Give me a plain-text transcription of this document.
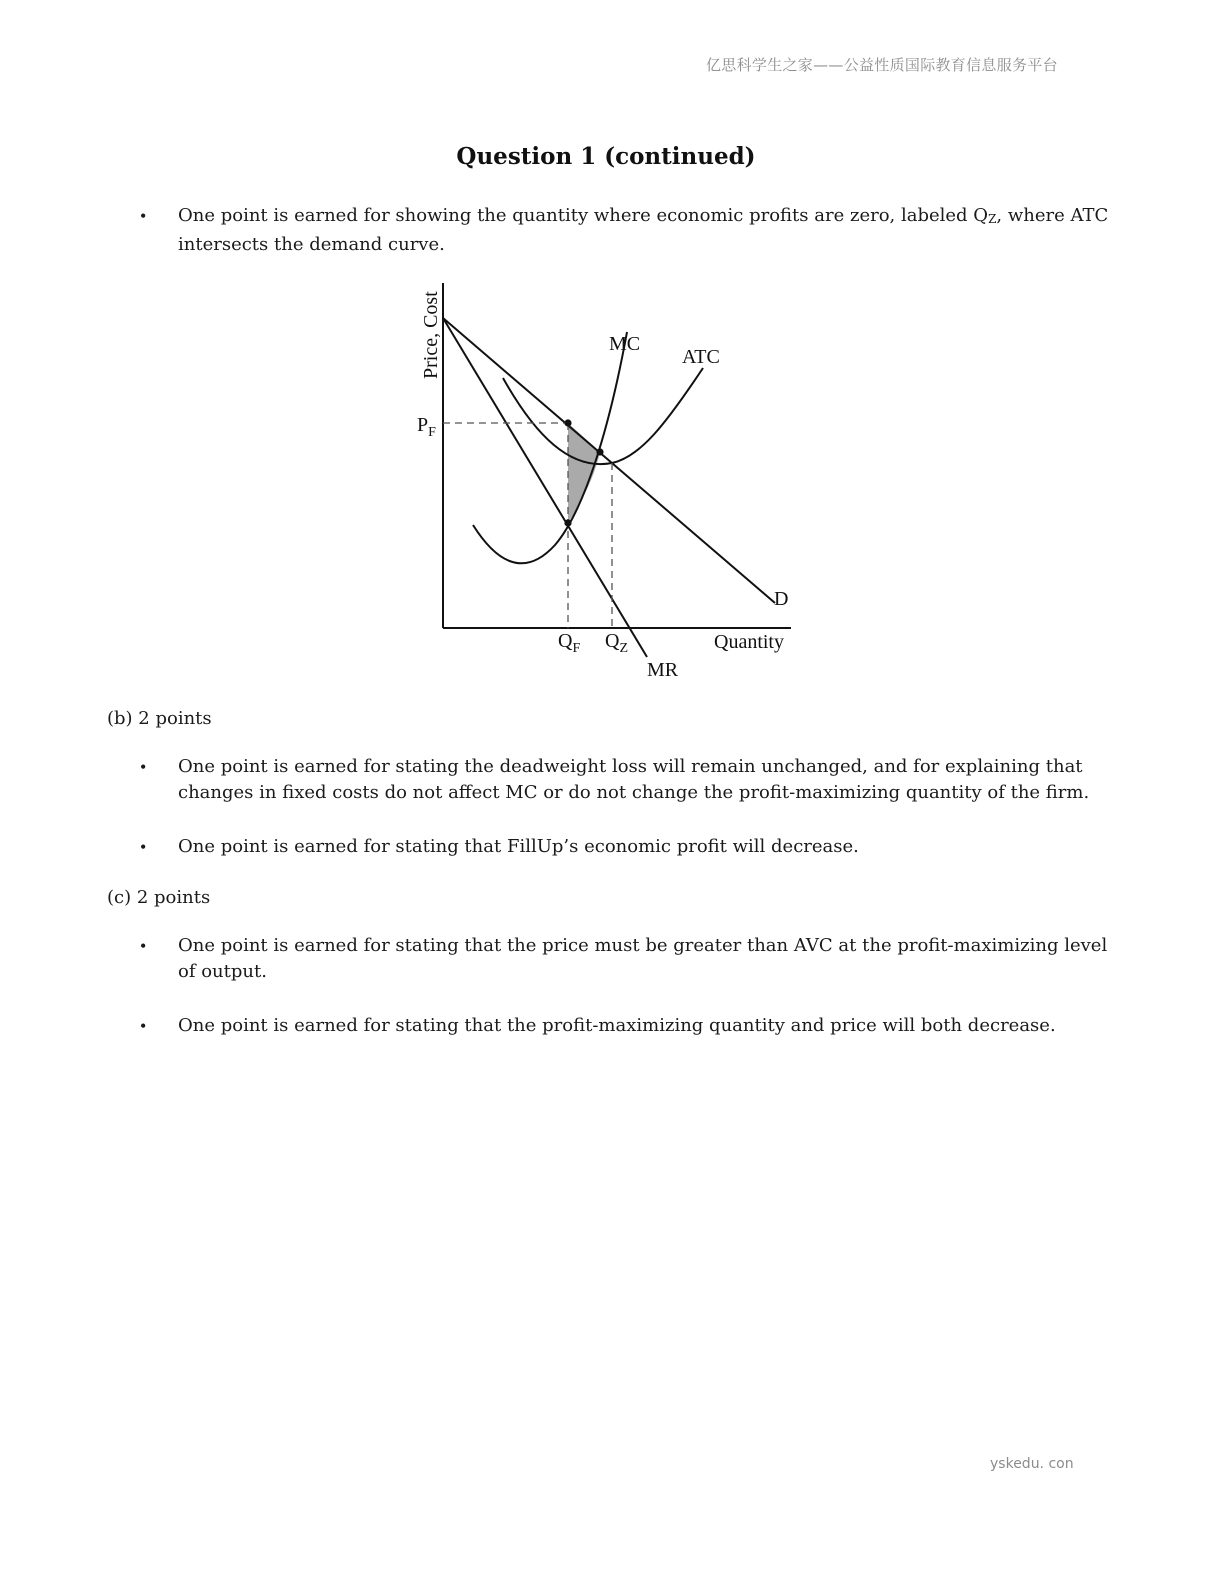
亿思科学生之家——公益性质国际教育信息服务平台
Question 1 (continued)
• One point is earned for showing the quantity where economic profits are zero, labeled $Q_Z$, where ATC intersects the demand curve.
Price, Cost
Quantity
MC
ATC
D
MR
$P_F$
$Q_F$ $Q_Z$
(b) 2 points
• One point is earned for stating the deadweight loss will remain unchanged, and for explaining that changes in fixed costs do not affect MC or do not change the profit-maximizing quantity of the firm.
• One point is earned for stating that FillUp’s economic profit will decrease.
(c) 2 points
• One point is earned for stating that the price must be greater than AVC at the profit-maximizing level of output.
• One point is earned for stating that the profit-maximizing quantity and price will both decrease.
yskedu. con
